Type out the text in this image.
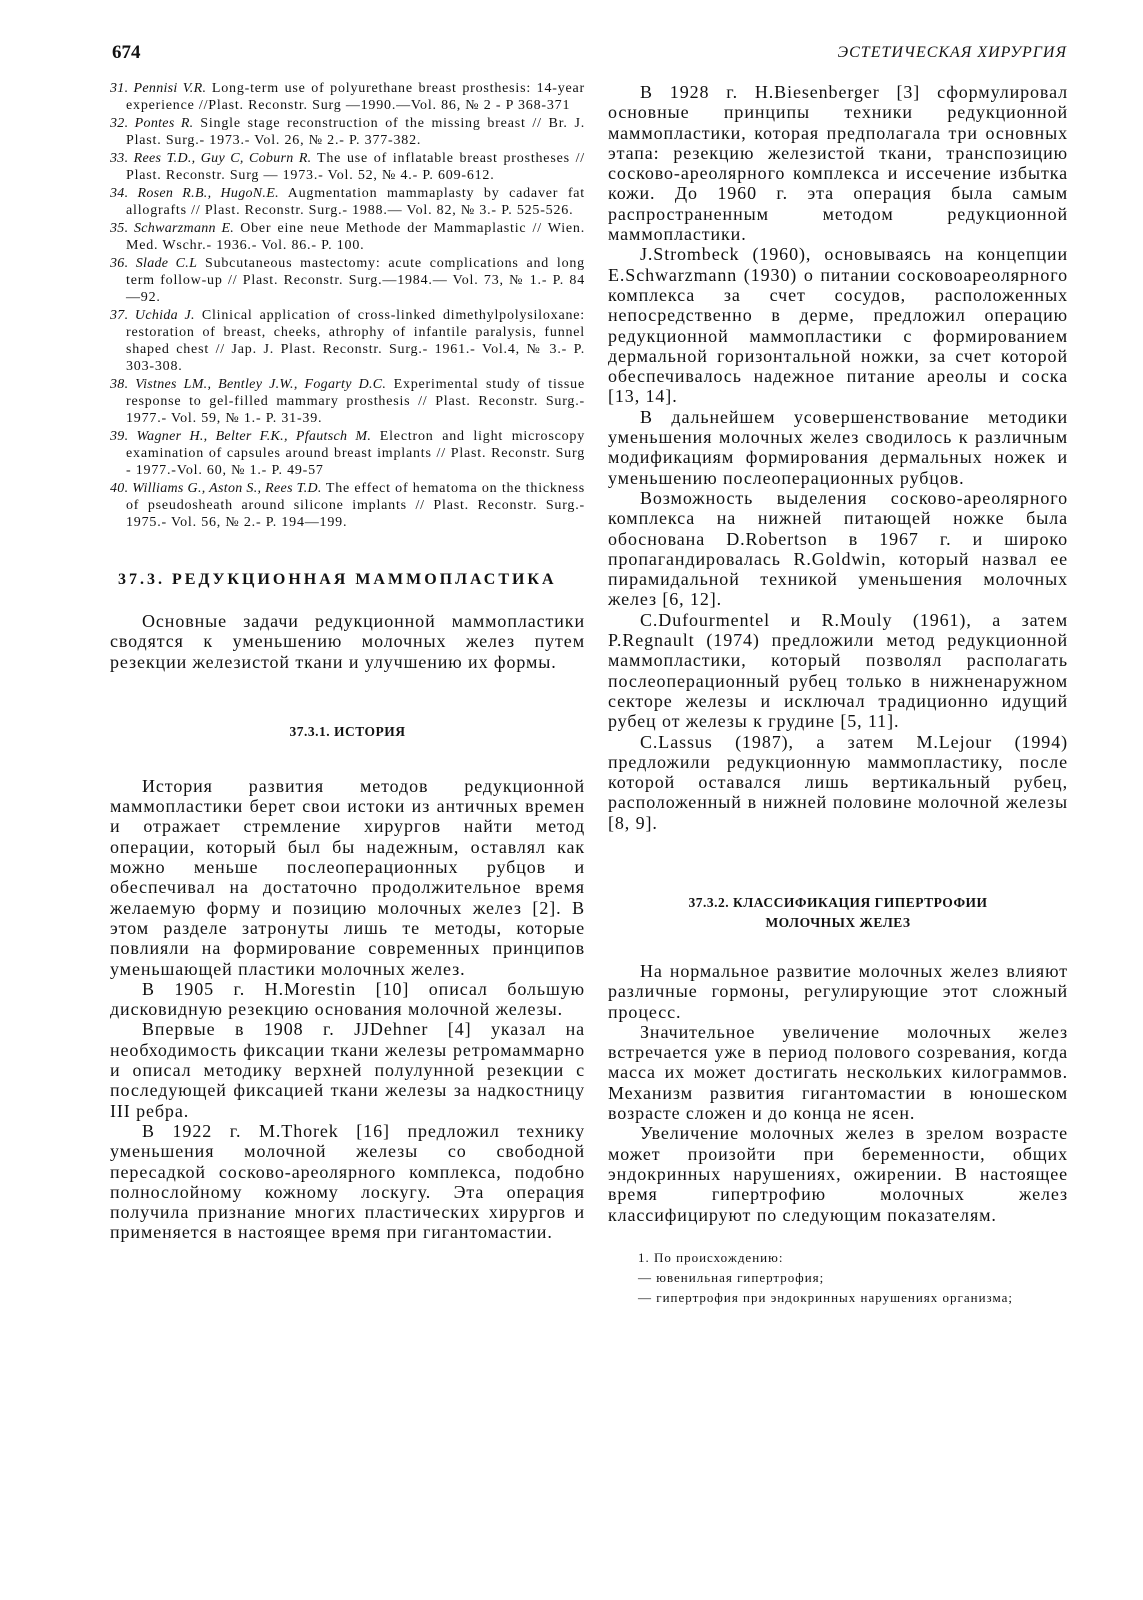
674	ЭСТЕТИЧЕСКАЯ ХИРУРГИЯ

31. Pennisi V.R. Long-term use of polyurethane breast prosthesis: 14-year experience //Plast. Reconstr. Surg —1990.—Vol. 86, № 2 - P 368-371

32. Pontes R. Single stage reconstruction of the missing breast // Br. J. Plast. Surg.- 1973.- Vol. 26, № 2.- P. 377-382.

33. Rees T.D., Guy C, Coburn R. The use of inflatable breast prostheses // Plast. Reconstr. Surg — 1973.- Vol. 52, № 4.- P. 609-612.

34. Rosen R.B., HugoN.E. Augmentation mammaplasty by cadaver fat allografts // Plast. Reconstr. Surg.- 1988.— Vol. 82, № 3.- P. 525-526.

35. Schwarzmann E. Ober eine neue Methode der Mammaplastic // Wien. Med. Wschr.- 1936.- Vol. 86.- P. 100.

36. Slade C.L Subcutaneous mastectomy: acute complications and long term follow-up // Plast. Reconstr. Surg.—1984.— Vol. 73, № 1.- P. 84—92.

37. Uchida J. Clinical application of cross-linked dimethylpolysiloxane: restoration of breast, cheeks, athrophy of infantile paralysis, funnel shaped chest // Jap. J. Plast. Reconstr. Surg.- 1961.- Vol.4, № 3.- P. 303-308.

38. Vistnes LM., Bentley J.W., Fogarty D.C. Experimental study of tissue response to gel-filled mammary prosthesis // Plast. Reconstr. Surg.- 1977.- Vol. 59, № 1.- P. 31-39.

39. Wagner H., Belter F.K., Pfautsch M. Electron and light microscopy examination of capsules around breast implants // Plast. Reconstr. Surg - 1977.-Vol. 60, № 1.- P. 49-57

40. Williams G., Aston S., Rees T.D. The effect of hematoma on the thickness of pseudosheath around silicone implants // Plast. Reconstr. Surg.- 1975.- Vol. 56, № 2.- P. 194—199.

37.3. РЕДУКЦИОННАЯ МАММОПЛАСТИКА

Основные задачи редукционной маммопластики сводятся к уменьшению молочных желез путем резекции железистой ткани и улучшению их формы.

37.3.1. ИСТОРИЯ

История развития методов редукционной маммопластики берет свои истоки из античных времен и отражает стремление хирургов найти метод операции, который был бы надежным, оставлял как можно меньше послеоперационных рубцов и обеспечивал на достаточно продолжительное время желаемую форму и позицию молочных желез [2]. В этом разделе затронуты лишь те методы, которые повлияли на формирование современных принципов уменьшающей пластики молочных желез.

В 1905 г. H.Morestin [10] описал большую дисковидную резекцию основания молочной железы.

Впервые в 1908 г. JJDehner [4] указал на необходимость фиксации ткани железы ретромаммарно и описал методику верхней полулунной резекции с последующей фиксацией ткани железы за надкостницу III ребра.

В 1922 г. M.Thorek [16] предложил технику уменьшения молочной железы со свободной пересадкой сосково-ареолярного комплекса, подобно полнослойному кожному лоскугу. Эта операция получила признание многих пластических хирургов и применяется в настоящее время при гигантомастии.

В 1928 г. H.Biesenberger [3] сформулировал основные принципы техники редукционной маммопластики, которая предполагала три основных этапа: резекцию железистой ткани, транспозицию сосково-ареолярного комплекса и иссечение избытка кожи. До 1960 г. эта операция была самым распространенным методом редукционной маммопластики.

J.Strombeck (1960), основываясь на концепции E.Schwarzmann (1930) о питании сосковоареолярного комплекса за счет сосудов, расположенных непосредственно в дерме, предложил операцию редукционной маммопластики с формированием дермальной горизонтальной ножки, за счет которой обеспечивалось надежное питание ареолы и соска [13, 14].

В дальнейшем усовершенствование методики уменьшения молочных желез сводилось к различным модификациям формирования дермальных ножек и уменьшению послеоперационных рубцов.

Возможность выделения сосково-ареолярного комплекса на нижней питающей ножке была обоснована D.Robertson в 1967 г. и широко пропагандировалась R.Goldwin, который назвал ее пирамидальной техникой уменьшения молочных желез [6, 12].

C.Dufourmentel и R.Mouly (1961), а затем P.Regnault (1974) предложили метод редукционной маммопластики, который позволял располагать послеоперационный рубец только в нижненаружном секторе железы и исключал традиционно идущий рубец от железы к грудине [5, 11].

C.Lassus (1987), а затем M.Lejour (1994) предложили редукционную маммопластику, после которой оставался лишь вертикальный рубец, расположенный в нижней половине молочной железы [8, 9].

37.3.2. КЛАССИФИКАЦИЯ ГИПЕРТРОФИИ
МОЛОЧНЫХ ЖЕЛЕЗ

На нормальное развитие молочных желез влияют различные гормоны, регулирующие этот сложный процесс.

Значительное увеличение молочных желез встречается уже в период полового созревания, когда масса их может достигать нескольких килограммов. Механизм развития гигантомастии в юношеском возрасте сложен и до конца не ясен.

Увеличение молочных желез в зрелом возрасте может произойти при беременности, общих эндокринных нарушениях, ожирении. В настоящее время гипертрофию молочных желез классифицируют по следующим показателям.

1. По происхождению:
— ювенильная гипертрофия;
— гипертрофия при эндокринных нарушениях организма;
